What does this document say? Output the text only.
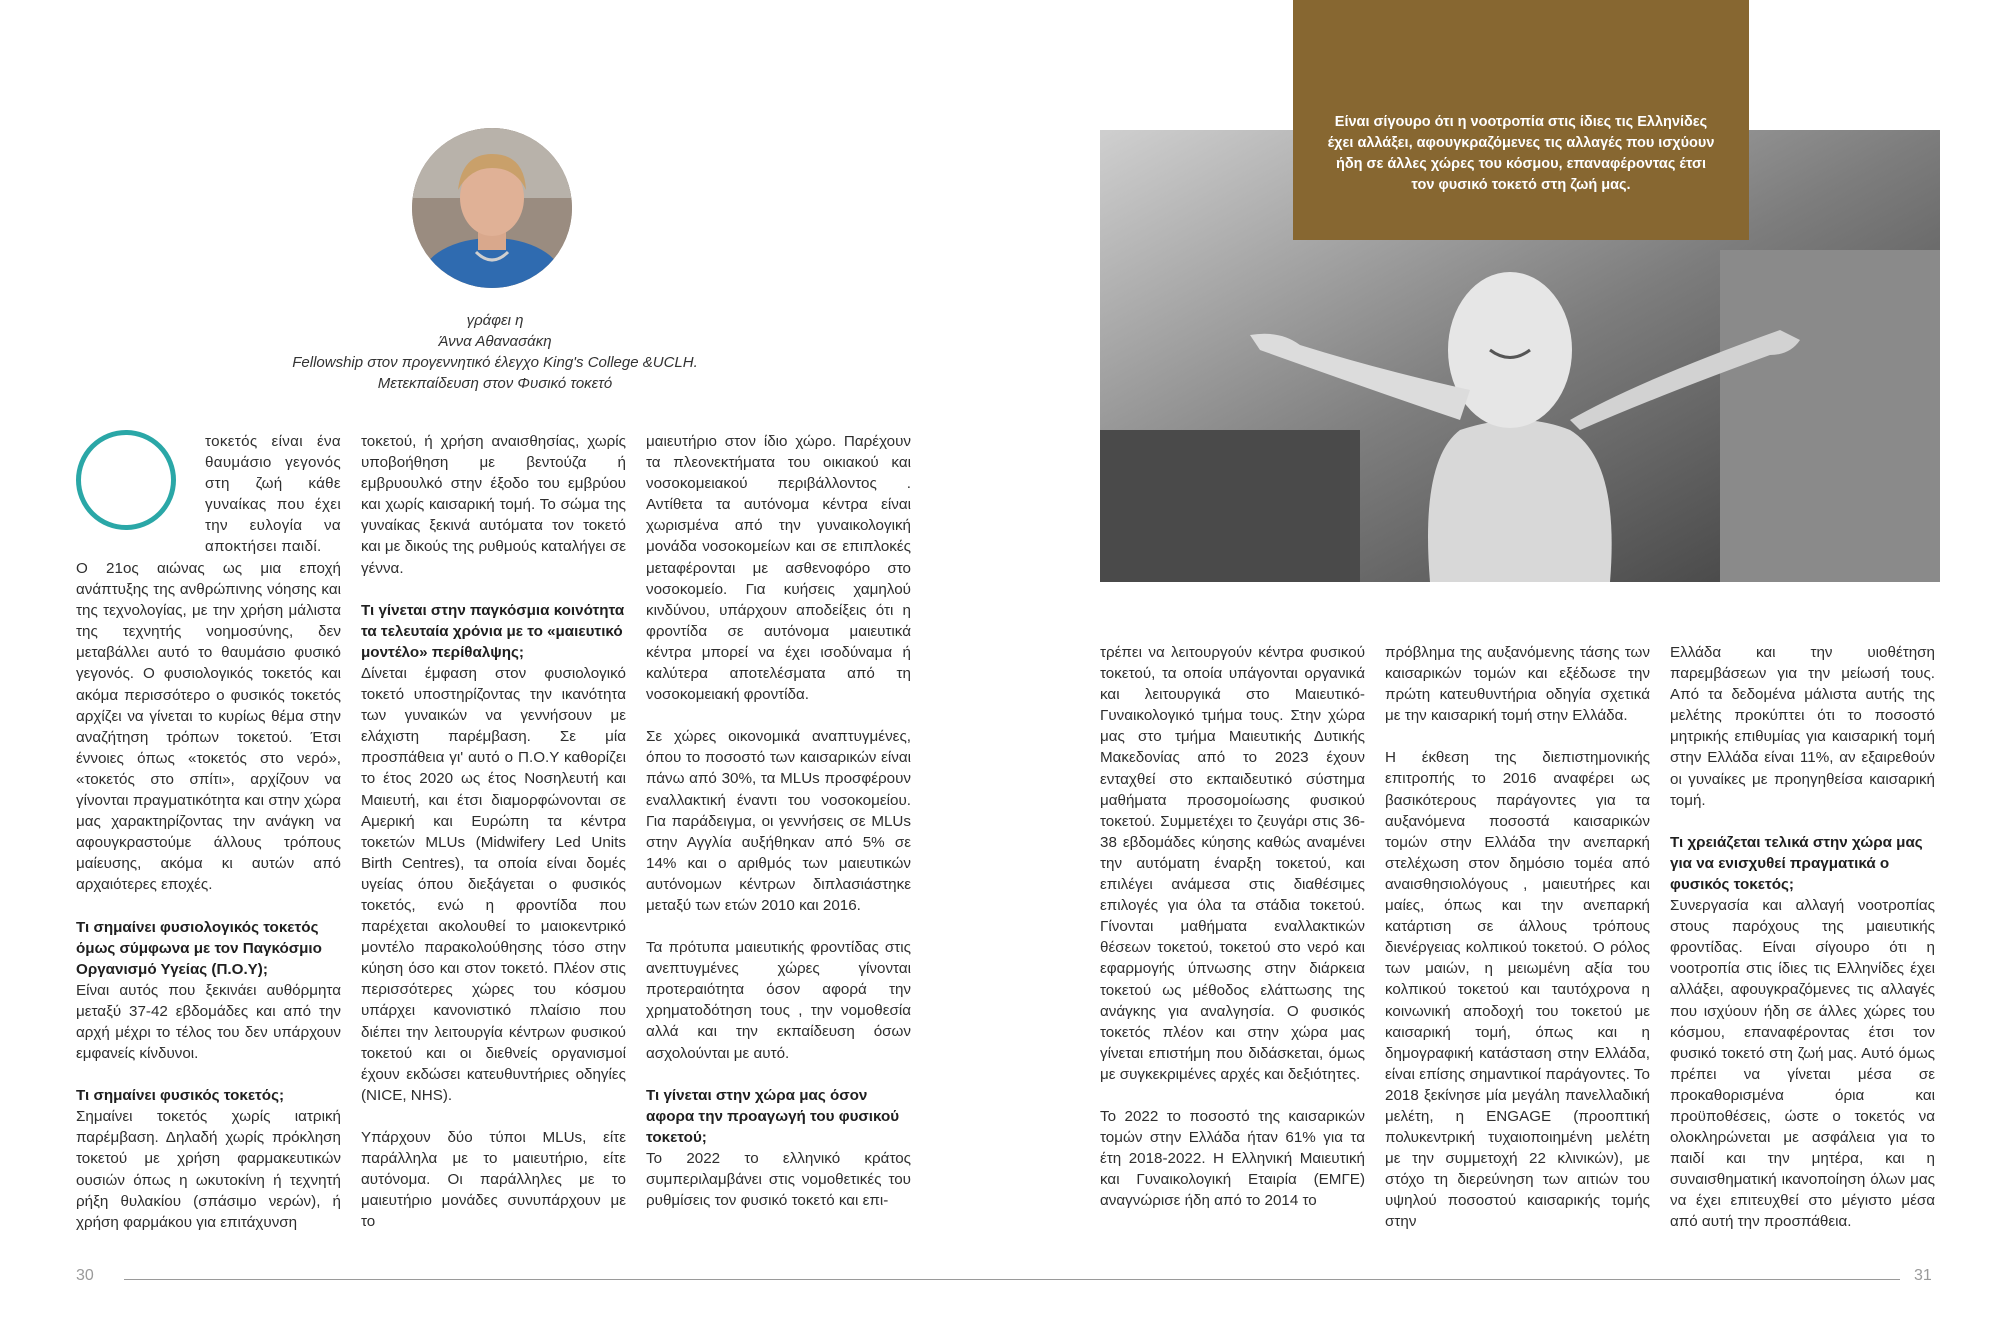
γράφει η
Άννα Αθανασάκη
Fellowship στον προγεννητικό έλεγχο King's College &UCLH.
Μετεκπαίδευση στον Φυσικό τοκετό
τοκετός είναι ένα θαυμάσιο γεγονός στη ζωή κάθε γυναίκας που έχει την ευλογία να αποκτήσει παιδί.

Ο 21ος αιώνας ως μια εποχή ανάπτυξης της ανθρώπινης νόησης και της τεχνολογίας, με την χρήση μάλιστα της τεχνητής νοημοσύνης, δεν μεταβάλλει αυτό το θαυμάσιο φυσικό γεγονός. Ο φυσιολογικός τοκετός και ακόμα περισσότερο ο φυσικός τοκετός αρχίζει να γίνεται το κυρίως θέμα στην αναζήτηση τρόπων τοκετού. Έτσι έννοιες όπως «τοκετός στο νερό», «τοκετός στο σπίτι», αρχίζουν να γίνονται πραγματικότητα και στην χώρα μας χαρακτηρίζοντας την ανάγκη να αφουγκραστούμε άλλους τρόπους μαίευσης, ακόμα κι αυτών από αρχαιότερες εποχές.

Τι σημαίνει φυσιολογικός τοκετός όμως σύμφωνα με τον Παγκόσμιο Οργανισμό Υγείας (Π.Ο.Υ);

Είναι αυτός που ξεκινάει αυθόρμητα μεταξύ 37-42 εβδομάδες και από την αρχή μέχρι το τέλος του δεν υπάρχουν εμφανείς κίνδυνοι.

Τι σημαίνει φυσικός τοκετός;

Σημαίνει τοκετός χωρίς ιατρική παρέμβαση. Δηλαδή χωρίς πρόκληση τοκετού με χρήση φαρμακευτικών ουσιών όπως η ωκυτοκίνη ή τεχνητή ρήξη θυλακίου (σπάσιμο νερών), ή χρήση φαρμάκου για επιτάχυνση

τοκετού, ή χρήση αναισθησίας, χωρίς υποβοήθηση με βεντούζα ή εμβρυουλκό στην έξοδο του εμβρύου και χωρίς καισαρική τομή. Το σώμα της γυναίκας ξεκινά αυτόματα τον τοκετό και με δικούς της ρυθμούς καταλήγει σε γέννα.

Τι γίνεται στην παγκόσμια κοινότητα τα τελευταία χρόνια με το «μαιευτικό μοντέλο» περίθαλψης;

Δίνεται έμφαση στον φυσιολογικό τοκετό υποστηρίζοντας την ικανότητα των γυναικών να γεννήσουν με ελάχιστη παρέμβαση. Σε μία προσπάθεια γι' αυτό ο Π.Ο.Υ καθορίζει το έτος 2020 ως έτος Νοσηλευτή και Μαιευτή, και έτσι διαμορφώνονται σε Αμερική και Ευρώπη τα κέντρα τοκετών MLUs (Midwifery Led Units Birth Centres), τα οποία είναι δομές υγείας όπου διεξάγεται ο φυσικός τοκετός, ενώ η φροντίδα που παρέχεται ακολουθεί το μαιοκεντρικό μοντέλο παρακολούθησης τόσο στην κύηση όσο και στον τοκετό. Πλέον στις περισσότερες χώρες του κόσμου υπάρχει κανονιστικό πλαίσιο που διέπει την λειτουργία κέντρων φυσικού τοκετού και οι διεθνείς οργανισμοί έχουν εκδώσει κατευθυντήριες οδηγίες (NICE, NHS).

Υπάρχουν δύο τύποι MLUs, είτε παράλληλα με το μαιευτήριο, είτε αυτόνομα. Οι παράλληλες με το μαιευτήριο μονάδες συνυπάρχουν με το

μαιευτήριο στον ίδιο χώρο. Παρέχουν τα πλεονεκτήματα του οικιακού και νοσοκομειακού περιβάλλοντος . Αντίθετα τα αυτόνομα κέντρα είναι χωρισμένα από την γυναικολογική μονάδα νοσοκομείων και σε επιπλοκές μεταφέρονται με ασθενοφόρο στο νοσοκομείο. Για κυήσεις χαμηλού κινδύνου, υπάρχουν αποδείξεις ότι η φροντίδα σε αυτόνομα μαιευτικά κέντρα μπορεί να έχει ισοδύναμα ή καλύτερα αποτελέσματα από τη νοσοκομειακή φροντίδα.

Σε χώρες οικονομικά αναπτυγμένες, όπου το ποσοστό των καισαρικών είναι πάνω από 30%, τα MLUs προσφέρουν εναλλακτική έναντι του νοσοκομείου. Για παράδειγμα, οι γεννήσεις σε MLUs στην Αγγλία αυξήθηκαν από 5% σε 14% και ο αριθμός των μαιευτικών αυτόνομων κέντρων διπλασιάστηκε μεταξύ των ετών 2010 και 2016.

Τα πρότυπα μαιευτικής φροντίδας στις ανεπτυγμένες χώρες γίνονται προτεραιότητα όσον αφορά την χρηματοδότηση τους , την νομοθεσία αλλά και την εκπαίδευση όσων ασχολούνται με αυτό.

Τι γίνεται στην χώρα μας όσον αφορα την προαγωγή του φυσικού τοκετού;

Το 2022 το ελληνικό κράτος συμπεριλαμβάνει στις νομοθετικές του ρυθμίσεις τον φυσικό τοκετό και επι-

30
Είναι σίγουρο ότι η νοοτροπία στις ίδιες τις Ελληνίδες έχει αλλάξει, αφουγκραζόμενες τις αλλαγές που ισχύουν ήδη σε άλλες χώρες του κόσμου, επαναφέροντας έτσι τον φυσικό τοκετό στη ζωή μας.

τρέπει να λειτουργούν κέντρα φυσικού τοκετού, τα οποία υπάγονται οργανικά και λειτουργικά στο Μαιευτικό-Γυναικολογικό τμήμα τους. Στην χώρα μας στο τμήμα Μαιευτικής Δυτικής Μακεδονίας από το 2023 έχουν ενταχθεί στο εκπαιδευτικό σύστημα μαθήματα προσομοίωσης φυσικού τοκετού. Συμμετέχει το ζευγάρι στις 36-38 εβδομάδες κύησης καθώς αναμένει την αυτόματη έναρξη τοκετού, και επιλέγει ανάμεσα στις διαθέσιμες επιλογές για όλα τα στάδια τοκετού. Γίνονται μαθήματα εναλλακτικών θέσεων τοκετού, τοκετού στο νερό και εφαρμογής ύπνωσης στην διάρκεια τοκετού ως μέθοδος ελάττωσης της ανάγκης για αναλγησία. Ο φυσικός τοκετός πλέον και στην χώρα μας γίνεται επιστήμη που διδάσκεται, όμως με συγκεκριμένες αρχές και δεξιότητες.

Το 2022 το ποσοστό της καισαρικών τομών στην Ελλάδα ήταν 61% για τα έτη 2018-2022. Η Ελληνική Μαιευτική και Γυναικολογική Εταιρία (ΕΜΓΕ) αναγνώρισε ήδη από το 2014 το

πρόβλημα της αυξανόμενης τάσης των καισαρικών τομών και εξέδωσε την πρώτη κατευθυντήρια οδηγία σχετικά με την καισαρική τομή στην Ελλάδα.

Η έκθεση της διεπιστημονικής επιτροπής το 2016 αναφέρει ως βασικότερους παράγοντες για τα αυξανόμενα ποσοστά καισαρικών τομών στην Ελλάδα την ανεπαρκή στελέχωση στον δημόσιο τομέα από αναισθησιολόγους , μαιευτήρες και μαίες, όπως και την ανεπαρκή κατάρτιση σε άλλους τρόπους διενέργειας κολπικού τοκετού. Ο ρόλος των μαιών, η μειωμένη αξία του κολπικού τοκετού και ταυτόχρονα η κοινωνική αποδοχή του τοκετού με καισαρική τομή, όπως και η δημογραφική κατάσταση στην Ελλάδα, είναι επίσης σημαντικοί παράγοντες. Το 2018 ξεκίνησε μία μεγάλη πανελλαδική μελέτη, η ENGAGE (προοπτική πολυκεντρική τυχαιοποιημένη μελέτη με την συμμετοχή 22 κλινικών), με στόχο τη διερεύνηση των αιτιών του υψηλού ποσοστού καισαρικής τομής στην

Ελλάδα και την υιοθέτηση παρεμβάσεων για την μείωσή τους. Από τα δεδομένα μάλιστα αυτής της μελέτης προκύπτει ότι το ποσοστό μητρικής επιθυμίας για καισαρική τομή στην Ελλάδα είναι 11%, αν εξαιρεθούν οι γυναίκες με προηγηθείσα καισαρική τομή.

Τι χρειάζεται τελικά στην χώρα μας για να ενισχυθεί πραγματικά ο φυσικός τοκετός;

Συνεργασία και αλλαγή νοοτροπίας στους παρόχους της μαιευτικής φροντίδας. Είναι σίγουρο ότι η νοοτροπία στις ίδιες τις Ελληνίδες έχει αλλάξει, αφουγκραζόμενες τις αλλαγές που ισχύουν ήδη σε άλλες χώρες του κόσμου, επαναφέροντας έτσι τον φυσικό τοκετό στη ζωή μας. Αυτό όμως πρέπει να γίνεται μέσα σε προκαθορισμένα όρια και προϋποθέσεις, ώστε ο τοκετός να ολοκληρώνεται με ασφάλεια για το παιδί και την μητέρα, και η συναισθηματική ικανοποίηση όλων μας να έχει επιτευχθεί στο μέγιστο μέσα από αυτή την προσπάθεια.

31
